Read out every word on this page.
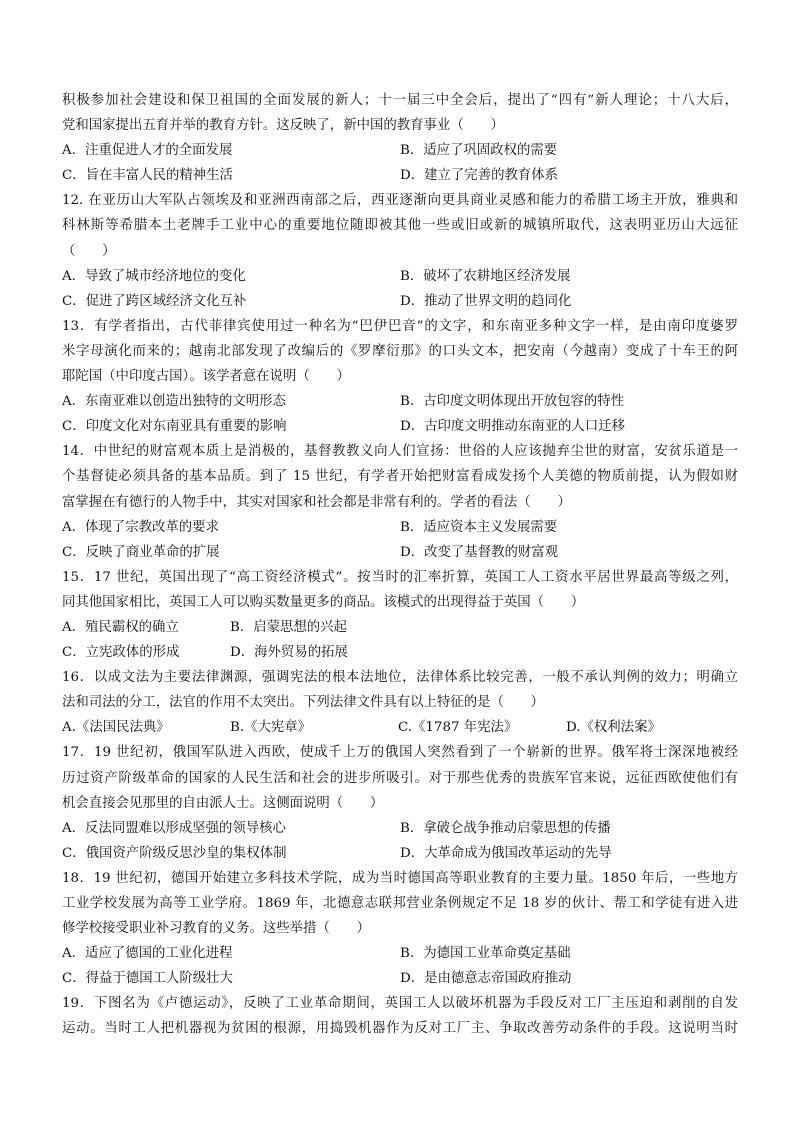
积极参加社会建设和保卫祖国的全面发展的新人；十一届三中全会后，提出了“四有”新人理论；十八大后，
党和国家提出五育并举的教育方针。这反映了，新中国的教育事业（　　）
A．注重促进人才的全面发展	B．适应了巩固政权的需要
C．旨在丰富人民的精神生活	D．建立了完善的教育体系
12. 在亚历山大军队占领埃及和亚洲西南部之后，西亚逐渐向更具商业灵感和能力的希腊工场主开放，雅典和
科林斯等希腊本土老牌手工业中心的重要地位随即被其他一些或旧或新的城镇所取代，这表明亚历山大远征
（　　）
A．导致了城市经济地位的变化	B．破坏了农耕地区经济发展
C．促进了跨区域经济文化互补	D．推动了世界文明的趋同化
13．有学者指出，古代菲律宾使用过一种名为“巴伊巴音”的文字，和东南亚多种文字一样，是由南印度婆罗
米字母演化而来的；越南北部发现了改编后的《罗摩衍那》的口头文本，把安南（今越南）变成了十车王的阿
耶陀国（中印度古国）。该学者意在说明（　　）
A．东南亚难以创造出独特的文明形态	B．古印度文明体现出开放包容的特性
C．印度文化对东南亚具有重要的影响	D．古印度文明推动东南亚的人口迁移
14．中世纪的财富观本质上是消极的，基督教教义向人们宣扬：世俗的人应该抛弃尘世的财富，安贫乐道是一
个基督徒必须具备的基本品质。到了 15 世纪，有学者开始把财富看成发扬个人美德的物质前提，认为假如财
富掌握在有德行的人物手中，其实对国家和社会都是非常有利的。学者的看法（　　）
A．体现了宗教改革的要求	B．适应资本主义发展需要
C．反映了商业革命的扩展	D．改变了基督教的财富观
15．17 世纪，英国出现了“高工资经济模式”。按当时的汇率折算，英国工人工资水平居世界最高等级之列，
同其他国家相比，英国工人可以购买数量更多的商品。该模式的出现得益于英国（　　）
A．殖民霸权的确立	B．启蒙思想的兴起
C．立宪政体的形成	D．海外贸易的拓展
16．以成文法为主要法律渊源，强调宪法的根本法地位，法律体系比较完善，一般不承认判例的效力；明确立
法和司法的分工，法官的作用不太突出。下列法律文件具有以上特征的是（　　）
A.《法国民法典》	B.《大宪章》	C.《1787 年宪法》	D.《权利法案》
17．19 世纪初，俄国军队进入西欧，使成千上万的俄国人突然看到了一个崭新的世界。俄军将士深深地被经
历过资产阶级革命的国家的人民生活和社会的进步所吸引。对于那些优秀的贵族军官来说，远征西欧使他们有
机会直接会见那里的自由派人士。这侧面说明（　　）
A．反法同盟难以形成坚强的领导核心	B．拿破仑战争推动启蒙思想的传播
C．俄国资产阶级反思沙皇的集权体制	D．大革命成为俄国改革运动的先导
18．19 世纪初，德国开始建立多科技术学院，成为当时德国高等职业教育的主要力量。1850 年后，一些地方
工业学校发展为高等工业学府。1869 年，北德意志联邦营业条例规定不足 18 岁的伙计、帮工和学徒有进入进
修学校接受职业补习教育的义务。这些举措（　　）
A．适应了德国的工业化进程	B．为德国工业革命奠定基础
C．得益于德国工人阶级壮大	D．是由德意志帝国政府推动
19．下图名为《卢德运动》，反映了工业革命期间，英国工人以破坏机器为手段反对工厂主压迫和剥削的自发
运动。当时工人把机器视为贫困的根源，用捣毁机器作为反对工厂主、争取改善劳动条件的手段。这说明当时
